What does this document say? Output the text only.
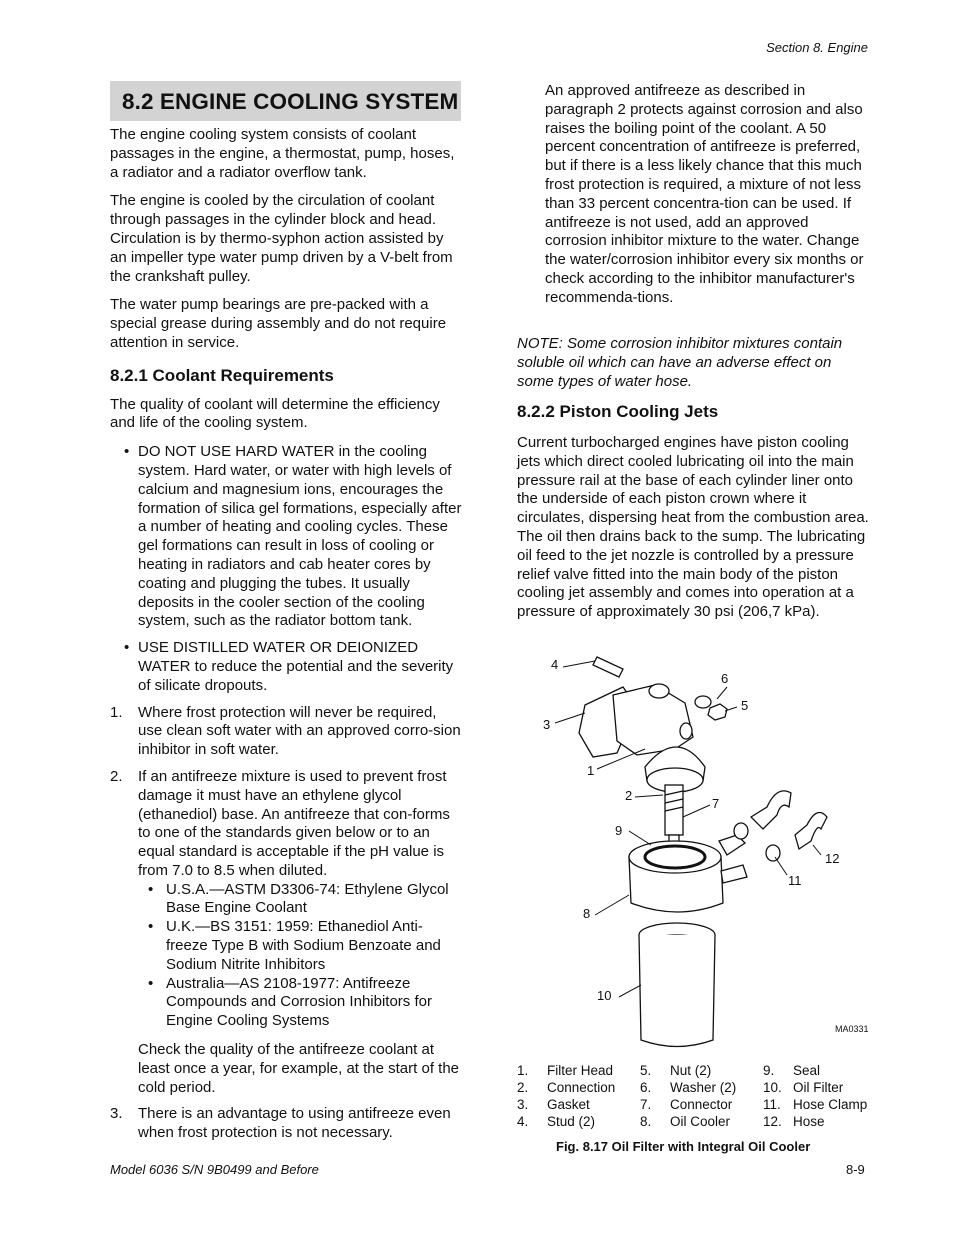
Section 8. Engine
8.2 ENGINE COOLING SYSTEM

The engine cooling system consists of coolant passages in the engine, a thermostat, pump, hoses, a radiator and a radiator overflow tank.

The engine is cooled by the circulation of coolant through passages in the cylinder block and head. Circulation is by thermo-syphon action assisted by an impeller type water pump driven by a V-belt from the crankshaft pulley.

The water pump bearings are pre-packed with a special grease during assembly and do not require attention in service.

8.2.1 Coolant Requirements

The quality of coolant will determine the efficiency and life of the cooling system.

• DO NOT USE HARD WATER in the cooling system. Hard water, or water with high levels of calcium and magnesium ions, encourages the formation of silica gel formations, especially after a number of heating and cooling cycles. These gel formations can result in loss of cooling or heating in radiators and cab heater cores by coating and plugging the tubes. It usually deposits in the cooler section of the cooling system, such as the radiator bottom tank.
• USE DISTILLED WATER OR DEIONIZED WATER to reduce the potential and the severity of silicate dropouts.
1. Where frost protection will never be required, use clean soft water with an approved corro-sion inhibitor in soft water.
2. If an antifreeze mixture is used to prevent frost damage it must have an ethylene glycol (ethanediol) base. An antifreeze that con-forms to one of the standards given below or to an equal standard is acceptable if the pH value is from 7.0 to 8.5 when diluted.
• U.S.A.—ASTM D3306-74: Ethylene Glycol Base Engine Coolant
• U.K.—BS 3151: 1959: Ethanediol Anti-freeze Type B with Sodium Benzoate and Sodium Nitrite Inhibitors
• Australia—AS 2108-1977: Antifreeze Compounds and Corrosion Inhibitors for Engine Cooling Systems
Check the quality of the antifreeze coolant at least once a year, for example, at the start of the cold period.
3. There is an advantage to using antifreeze even when frost protection is not necessary.
An approved antifreeze as described in paragraph 2 protects against corrosion and also raises the boiling point of the coolant. A 50 percent concentration of antifreeze is preferred, but if there is a less likely chance that this much frost protection is required, a mixture of not less than 33 percent concentra-tion can be used. If antifreeze is not used, add an approved corrosion inhibitor mixture to the water. Change the water/corrosion inhibitor every six months or check according to the inhibitor manufacturer's recommenda-tions.
NOTE: Some corrosion inhibitor mixtures contain soluble oil which can have an adverse effect on some types of water hose.
8.2.2 Piston Cooling Jets
Current turbocharged engines have piston cooling jets which direct cooled lubricating oil into the main pressure rail at the base of each cylinder liner onto the underside of each piston crown where it circulates, dispersing heat from the combustion area. The oil then drains back to the sump. The lubricating oil feed to the jet nozzle is controlled by a pressure relief valve fitted into the main body of the piston cooling jet assembly and comes into operation at a pressure of approximately 30 psi (206,7 kPa).
4
3
1
2
7
9
8
10
11
12
6
5
MA0331
1.	Filter Head	5.	Nut (2)	9.	Seal
2.	Connection	6.	Washer (2)	10.	Oil Filter
3.	Gasket	7.	Connector	11.	Hose Clamp
4.	Stud (2)	8.	Oil Cooler	12.	Hose
Fig. 8.17 Oil Filter with Integral Oil Cooler
Model 6036 S/N 9B0499 and Before	8-9
